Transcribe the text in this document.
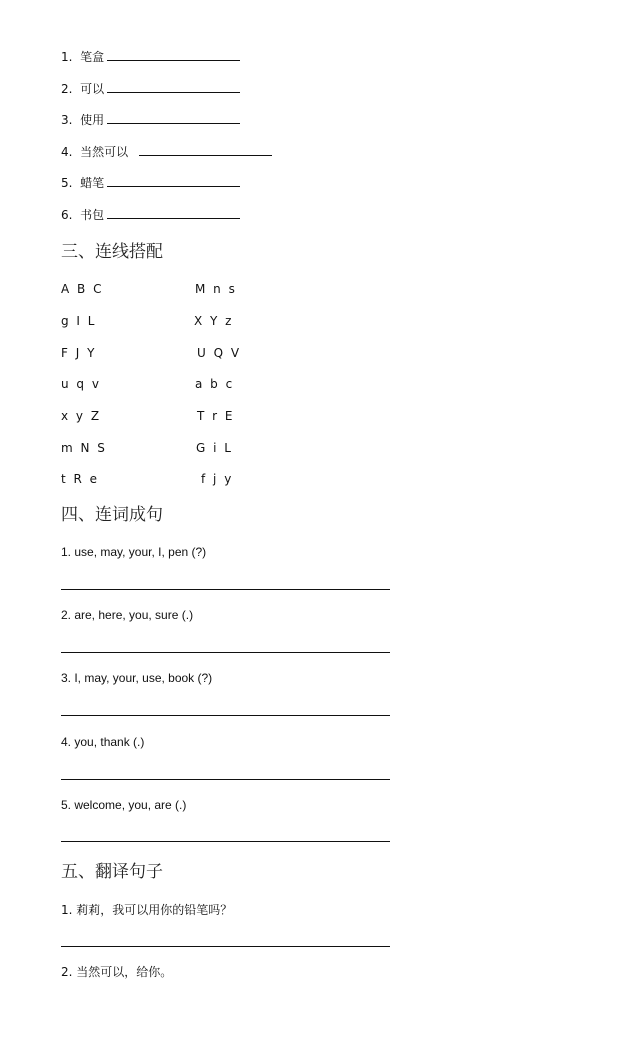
1. 笔盒
2. 可以
3. 使用
4. 当然可以
5. 蜡笔
6. 书包
三、连线搭配
A B C
g I L
F J Y
u q v
x y Z
m N S
t R e
M n s
X Y z
U Q V
a b c
T r E
G i L
f j y
四、连词成句
1. use, may, your, I, pen (?)
2. are, here, you, sure (.)
3. I, may, your, use, book (?)
4. you, thank (.)
5. welcome, you, are (.)
五、翻译句子
1. 莉莉，我可以用你的铅笔吗？
2. 当然可以，给你。
